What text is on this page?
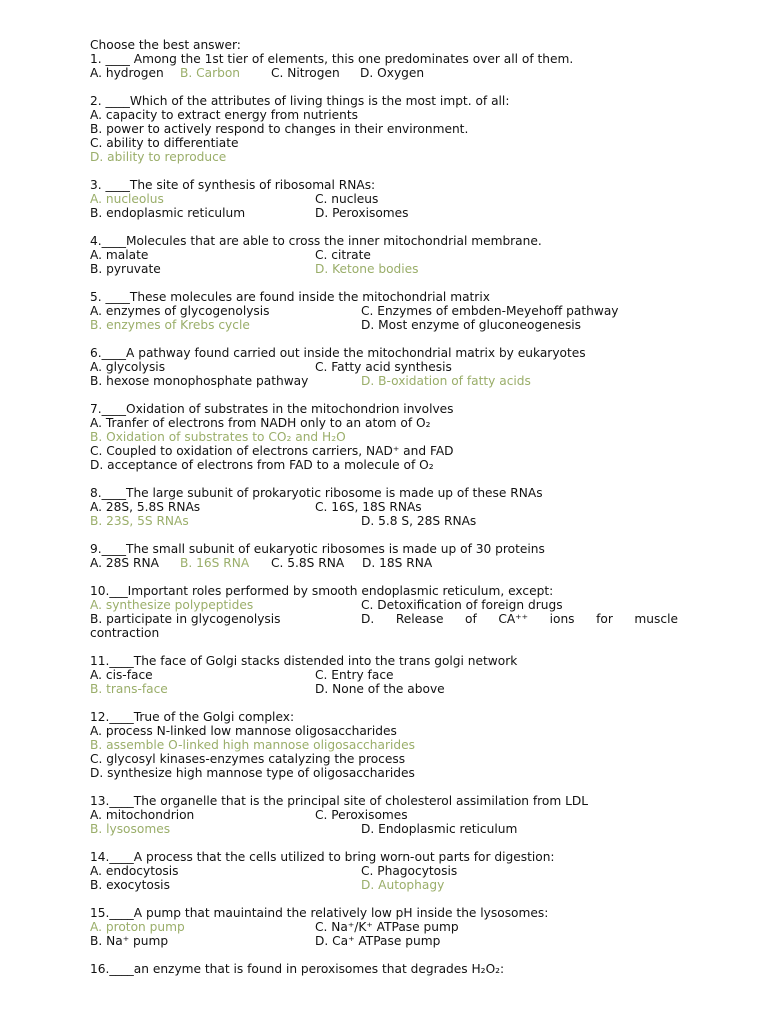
Choose the best answer:
1. ____ Among the 1st tier of elements, this one predominates over all of them.
A. hydrogen B. Carbon	C. Nitrogen D. Oxygen
2. ____Which of the attributes of living things is the most impt. of all:
A. capacity to extract energy from nutrients
B. power to actively respond to changes in their environment.
C. ability to differentiate
D. ability to reproduce
3. ____The site of synthesis of ribosomal RNAs:
A. nucleolus	C. nucleus
B. endoplasmic reticulum	D. Peroxisomes
4.____Molecules that are able to cross the inner mitochondrial membrane.
A. malate	C. citrate
B. pyruvate	D. Ketone bodies
5. ____These molecules are found inside the mitochondrial matrix
A. enzymes of glycogenolysis	C. Enzymes of embden-Meyehoff pathway
B. enzymes of Krebs cycle	D. Most enzyme of gluconeogenesis
6.____A pathway found carried out inside the mitochondrial matrix by eukaryotes
A. glycolysis	C. Fatty acid synthesis
B. hexose monophosphate pathway	D. B-oxidation of fatty acids
7.____Oxidation of substrates in the mitochondrion involves
A. Tranfer of electrons from NADH only to an atom of O₂
B. Oxidation of substrates to CO₂ and H₂O
C. Coupled to oxidation of electrons carriers, NAD⁺ and FAD
D. acceptance of electrons from FAD to a molecule of O₂
8.____The large subunit of prokaryotic ribosome is made up of these RNAs
A. 28S, 5.8S RNAs	C. 16S, 18S RNAs
B. 23S, 5S RNAs	D. 5.8 S, 28S RNAs
9.____The small subunit of eukaryotic ribosomes is made up of 30 proteins
A. 28S RNA B. 16S RNA C. 5.8S RNA D. 18S RNA
10.___Important roles performed by smooth endoplasmic reticulum, except:
A. synthesize polypeptides	C. Detoxification of foreign drugs
B. participate in glycogenolysis	D. Release of CA⁺⁺ ions for muscle
contraction
11.____The face of Golgi stacks distended into the trans golgi network
A. cis-face	C. Entry face
B. trans-face	D. None of the above
12.____True of the Golgi complex:
A. process N-linked low mannose oligosaccharides
B. assemble O-linked high mannose oligosaccharides
C. glycosyl kinases-enzymes catalyzing the process
D. synthesize high mannose type of oligosaccharides
13.____The organelle that is the principal site of cholesterol assimilation from LDL
A. mitochondrion	C. Peroxisomes
B. lysosomes	D. Endoplasmic reticulum
14.____A process that the cells utilized to bring worn-out parts for digestion:
A. endocytosis	C. Phagocytosis
B. exocytosis	D. Autophagy
15.____A pump that mauintaind the relatively low pH inside the lysosomes:
A. proton pump	C. Na⁺/K⁺ ATPase pump
B. Na⁺ pump	D. Ca⁺ ATPase pump
16.____an enzyme that is found in peroxisomes that degrades H₂O₂:
